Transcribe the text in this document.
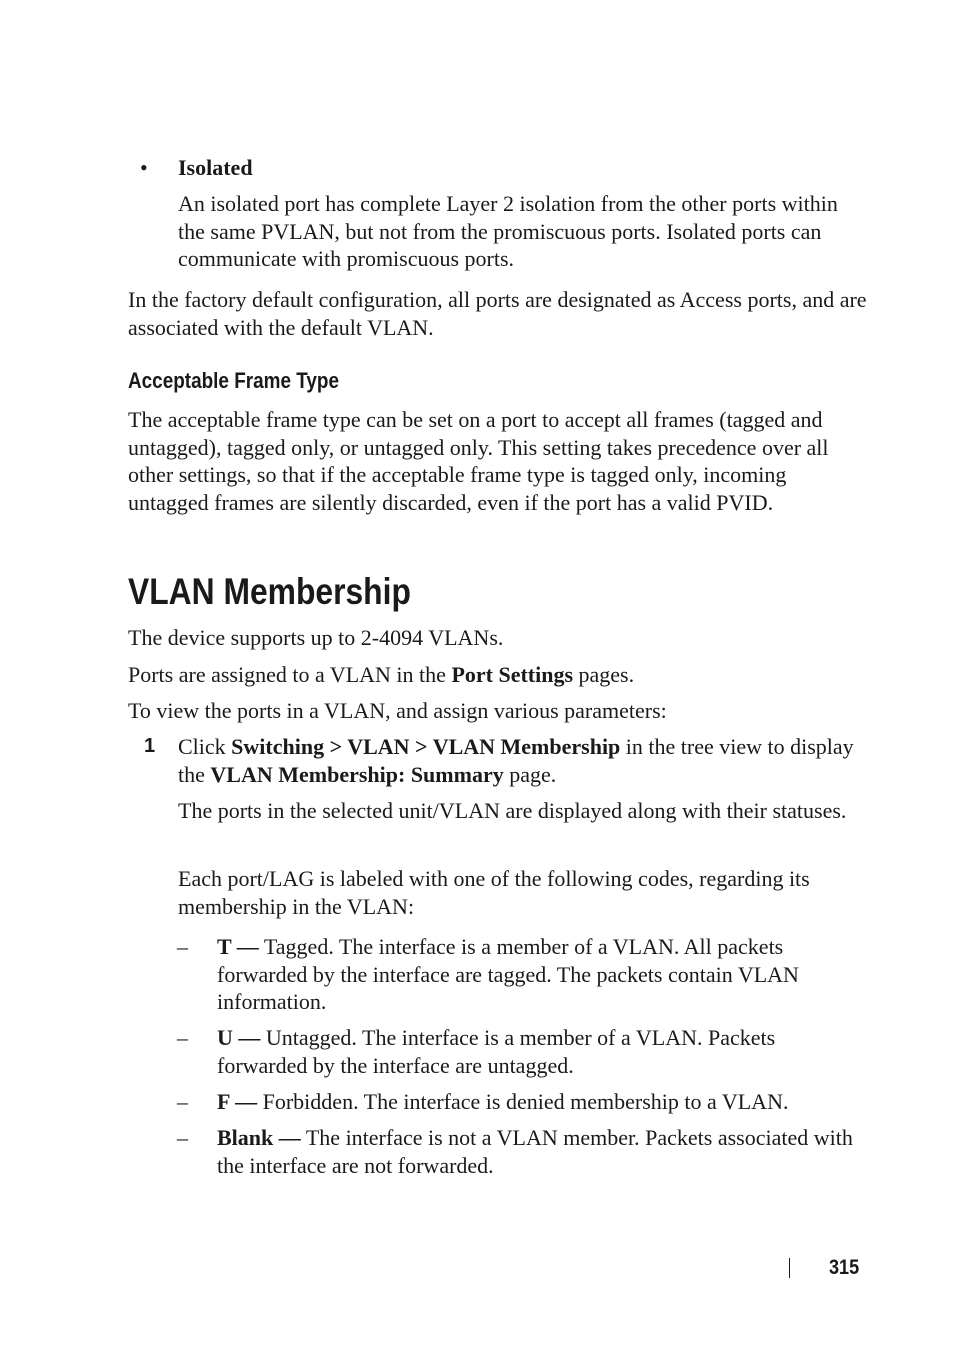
• Isolated

An isolated port has complete Layer 2 isolation from the other ports within the same PVLAN, but not from the promiscuous ports. Isolated ports can communicate with promiscuous ports.

In the factory default configuration, all ports are designated as Access ports, and are associated with the default VLAN.

Acceptable Frame Type

The acceptable frame type can be set on a port to accept all frames (tagged and untagged), tagged only, or untagged only. This setting takes precedence over all other settings, so that if the acceptable frame type is tagged only, incoming untagged frames are silently discarded, even if the port has a valid PVID.

VLAN Membership

The device supports up to 2-4094 VLANs.

Ports are assigned to a VLAN in the Port Settings pages.

To view the ports in a VLAN, and assign various parameters:

1 Click Switching > VLAN > VLAN Membership in the tree view to display the VLAN Membership: Summary page.

The ports in the selected unit/VLAN are displayed along with their statuses.

Each port/LAG is labeled with one of the following codes, regarding its membership in the VLAN:

– T — Tagged. The interface is a member of a VLAN. All packets forwarded by the interface are tagged. The packets contain VLAN information.

– U — Untagged. The interface is a member of a VLAN. Packets forwarded by the interface are untagged.

– F — Forbidden. The interface is denied membership to a VLAN.

– Blank — The interface is not a VLAN member. Packets associated with the interface are not forwarded.

315
